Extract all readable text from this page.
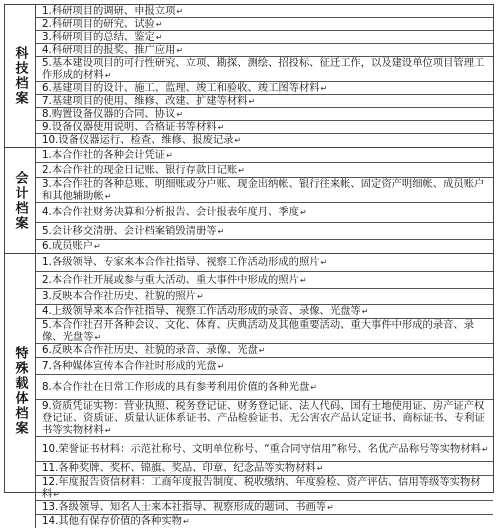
科技档案
1.科研项目的调研、申报立项 ↵
2.科研项目的研究、试验 ↵
3.科研项目的总结、鉴定 ↵
4.科研项目的报奖、推广应用 ↵
5.基本建设项目的可行性研究、立项、勘探、测绘、招投标、征迁工作，以及建设单位项目管理工作形成的材料 ↵
6.基建项目的设计、施工、监理、竣工和验收、竣工图等材料 ↵
7.基建项目的使用、维修、改建、扩建等材料 ↵
8.购置设备仪器的合同、协议 ↵
9.设备仪器使用说明、合格证书等材料 ↵
10.设备仪器运行、检查、维修、报废记录 ↵
会计档案
1.本合作社的各种会计凭证 ↵
2.本合作社的现金日记账、银行存款日记账 ↵
3.本合作社的各种总账、明细账或分户账、现金出纳帐、银行往来帐、固定资产明细帐、成员账户和其他辅助帐 ↵
4.本合作社财务决算和分析报告、会计报表年度月、季度 ↵
5.会计移交清册、会计档案销毁清册等 ↵
6.成员账户 ↵
特殊载体档案
1.各级领导、专家来本合作社指导、视察工作活动形成的照片 ↵
2.本合作社开展或参与重大活动、重大事件中形成的照片 ↵
3.反映本合作社历史、社貌的照片 ↵
4.上级领导来本合作社指导、视察工作活动形成的录音、录像、光盘等 ↵
5.本合作社召开各种会议、文化、体育、庆典活动及其他重要活动、重大事件中形成的录音、录像、光盘等 ↵
6.反映本合作社历史、社貌的录音、录像、光盘 ↵
7.各种媒体宣传本合作社时形成的光盘 ↵
8.本合作社在日常工作形成的具有参考利用价值的各种光盘 ↵
9.资质凭证实物：营业执照、税务登记证、财务登记证、法人代码、国有土地使用证、房产证产权登记证、资质证、质量认证体系证书、产品检验证书、无公害农产品认定证书、商标证书、专利证书等实物材料 ↵
10.荣誉证书材料：示范社称号、文明单位称号、“重合同守信用”称号、名优产品称号等实物材料 ↵
11.各种奖牌、奖杯、锦旗、奖品、印章、纪念品等实物材料 ↵
12.年度报告资信材料：工商年度报告制度、税收缴纳、年度验检、资产评估、信用等级等实物材料 ↵
13.各级领导、知名人士来本社指导、视察形成的题词、书画等 ↵
14.其他有保存价值的各种实物 ↵
